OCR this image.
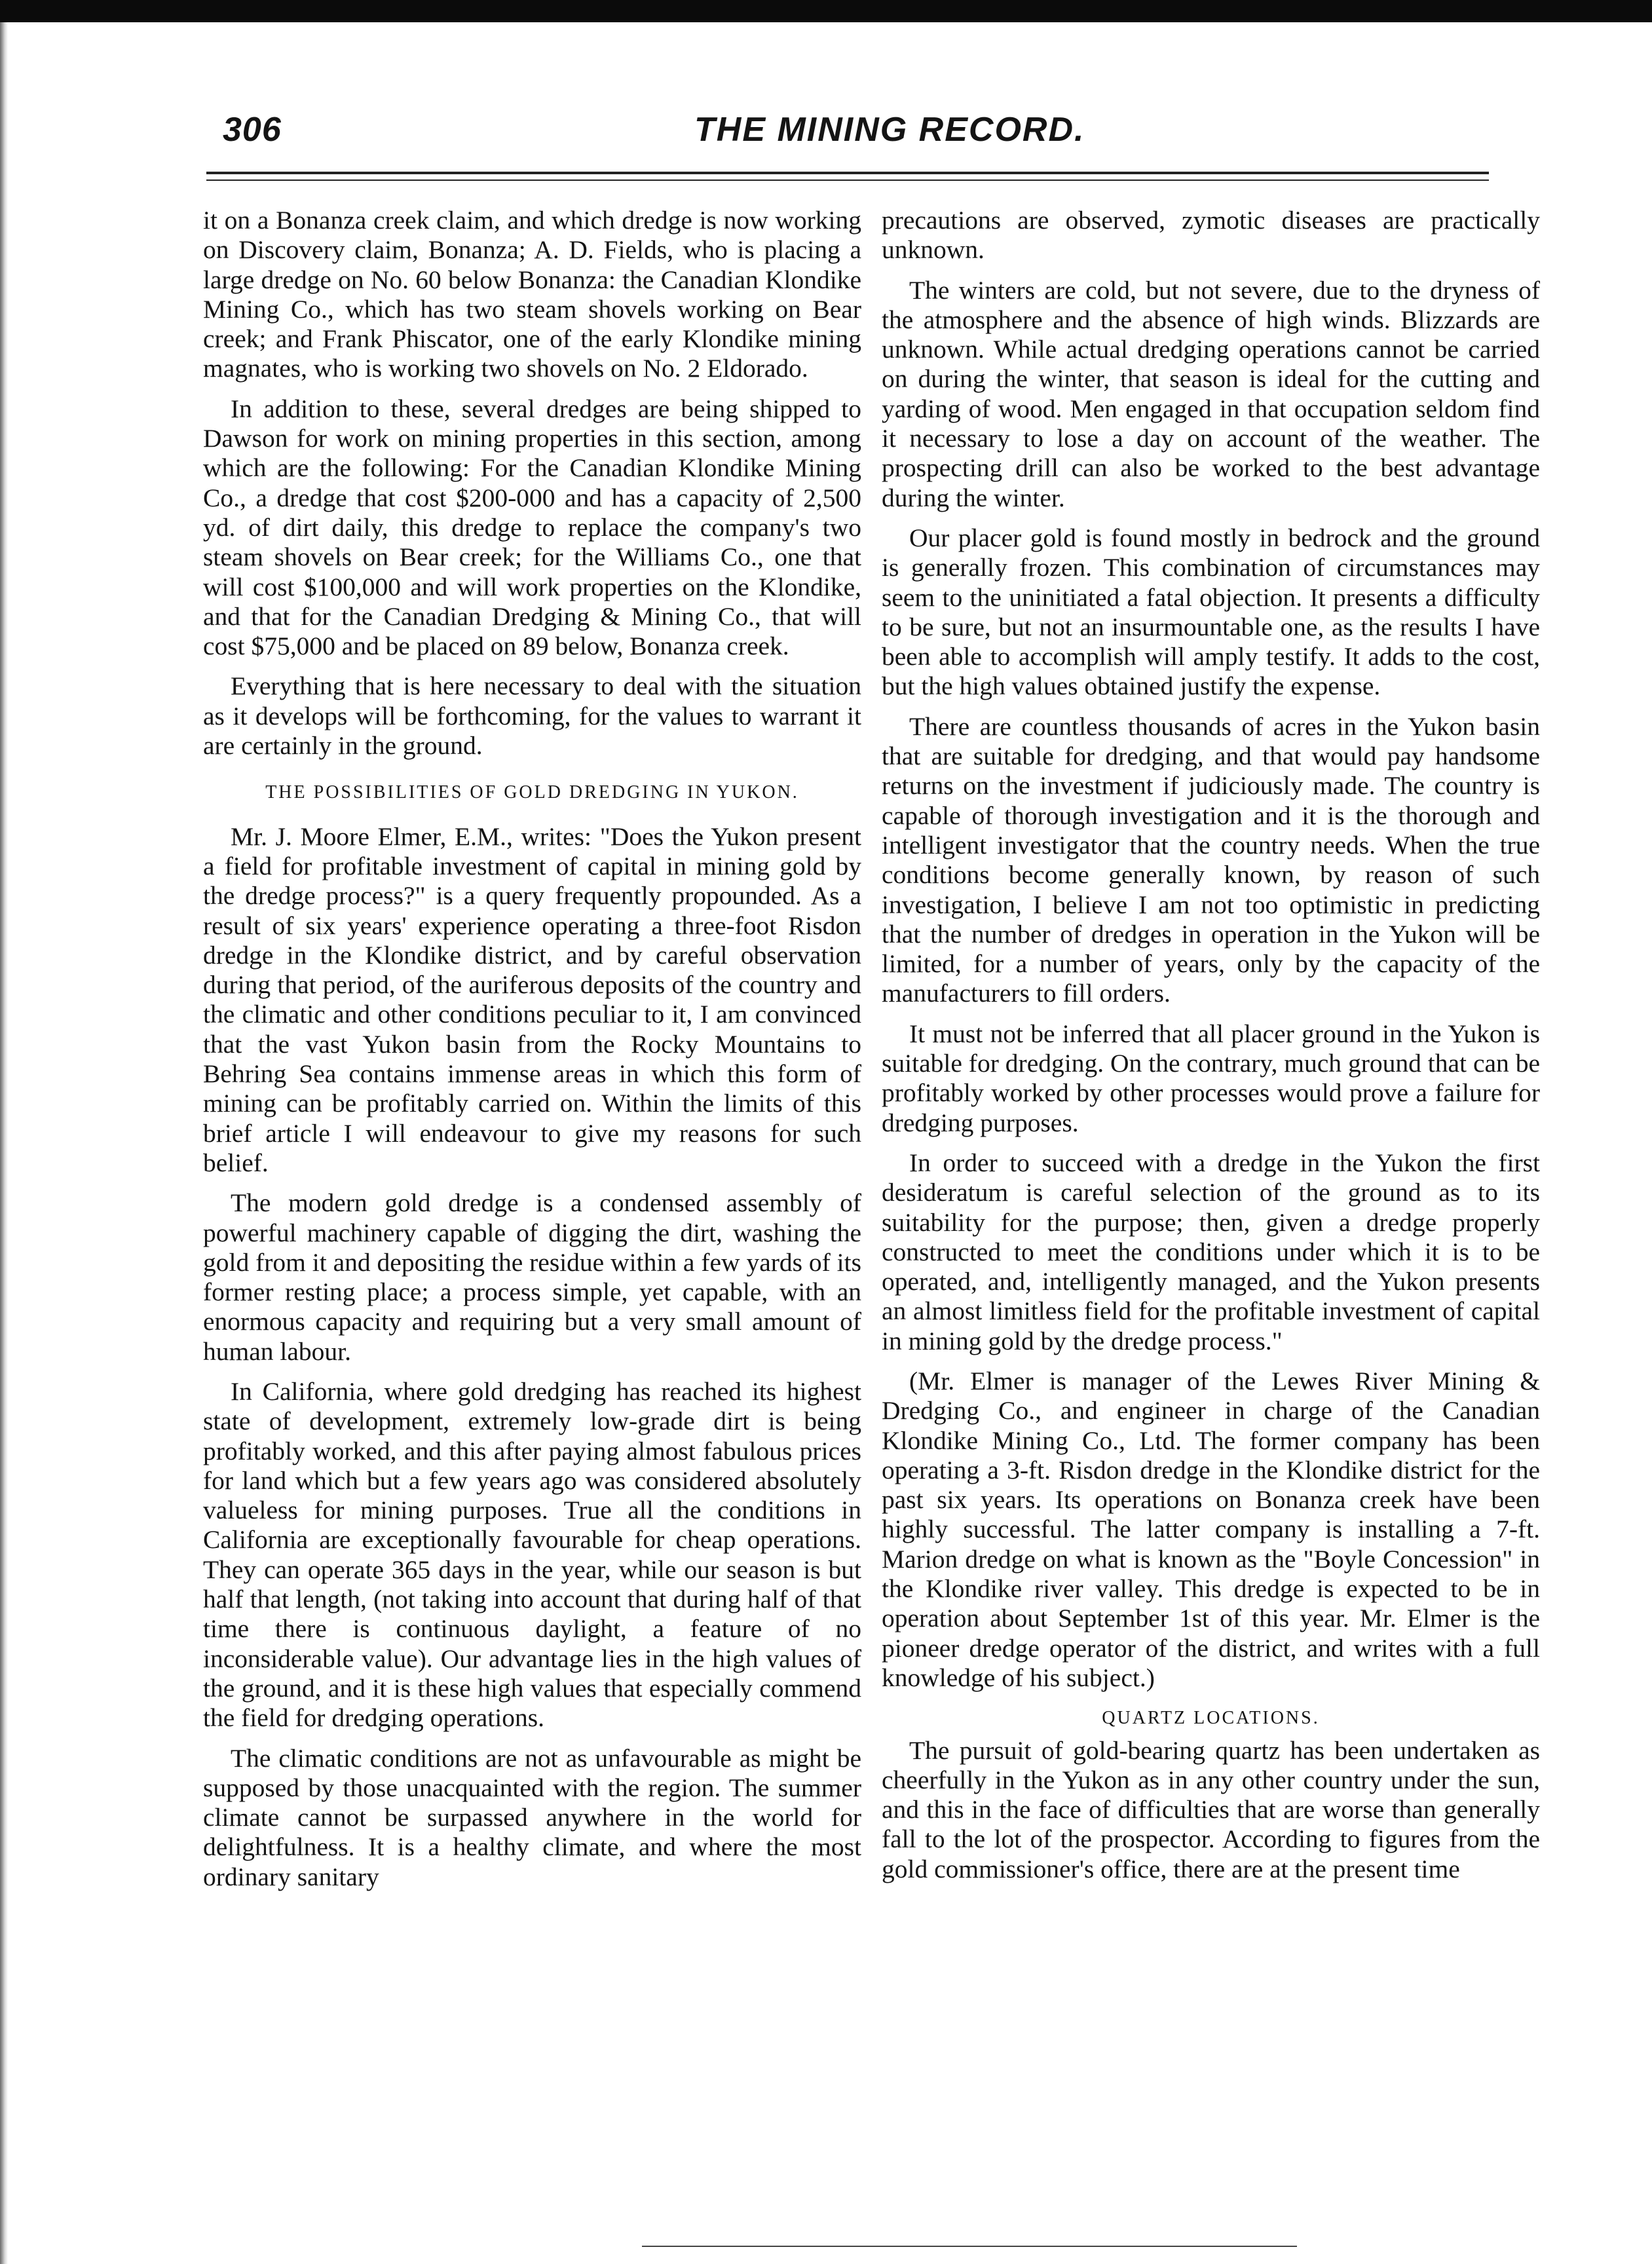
306	THE MINING RECORD.

it on a Bonanza creek claim, and which dredge is now working on Discovery claim, Bonanza; A. D. Fields, who is placing a large dredge on No. 60 below Bonanza: the Canadian Klondike Mining Co., which has two steam shovels working on Bear creek; and Frank Phiscator, one of the early Klondike mining magnates, who is working two shovels on No. 2 Eldorado.

In addition to these, several dredges are being shipped to Dawson for work on mining properties in this section, among which are the following: For the Canadian Klondike Mining Co., a dredge that cost $200-000 and has a capacity of 2,500 yd. of dirt daily, this dredge to replace the company's two steam shovels on Bear creek; for the Williams Co., one that will cost $100,000 and will work properties on the Klondike, and that for the Canadian Dredging & Mining Co., that will cost $75,000 and be placed on 89 below, Bonanza creek.

Everything that is here necessary to deal with the situation as it develops will be forthcoming, for the values to warrant it are certainly in the ground.

THE POSSIBILITIES OF GOLD DREDGING IN YUKON.

Mr. J. Moore Elmer, E.M., writes: "Does the Yukon present a field for profitable investment of capital in mining gold by the dredge process?" is a query frequently propounded. As a result of six years' experience operating a three-foot Risdon dredge in the Klondike district, and by careful observation during that period, of the auriferous deposits of the country and the climatic and other conditions peculiar to it, I am convinced that the vast Yukon basin from the Rocky Mountains to Behring Sea contains immense areas in which this form of mining can be profitably carried on. Within the limits of this brief article I will endeavour to give my reasons for such belief.

The modern gold dredge is a condensed assembly of powerful machinery capable of digging the dirt, washing the gold from it and depositing the residue within a few yards of its former resting place; a process simple, yet capable, with an enormous capacity and requiring but a very small amount of human labour.

In California, where gold dredging has reached its highest state of development, extremely low-grade dirt is being profitably worked, and this after paying almost fabulous prices for land which but a few years ago was considered absolutely valueless for mining purposes. True all the conditions in California are exceptionally favourable for cheap operations. They can operate 365 days in the year, while our season is but half that length, (not taking into account that during half of that time there is continuous daylight, a feature of no inconsiderable value). Our advantage lies in the high values of the ground, and it is these high values that especially commend the field for dredging operations.

The climatic conditions are not as unfavourable as might be supposed by those unacquainted with the region. The summer climate cannot be surpassed anywhere in the world for delightfulness. It is a healthy climate, and where the most ordinary sanitary

precautions are observed, zymotic diseases are practically unknown.

The winters are cold, but not severe, due to the dryness of the atmosphere and the absence of high winds. Blizzards are unknown. While actual dredging operations cannot be carried on during the winter, that season is ideal for the cutting and yarding of wood. Men engaged in that occupation seldom find it necessary to lose a day on account of the weather. The prospecting drill can also be worked to the best advantage during the winter.

Our placer gold is found mostly in bedrock and the ground is generally frozen. This combination of circumstances may seem to the uninitiated a fatal objection. It presents a difficulty to be sure, but not an insurmountable one, as the results I have been able to accomplish will amply testify. It adds to the cost, but the high values obtained justify the expense.

There are countless thousands of acres in the Yukon basin that are suitable for dredging, and that would pay handsome returns on the investment if judiciously made. The country is capable of thorough investigation and it is the thorough and intelligent investigator that the country needs. When the true conditions become generally known, by reason of such investigation, I believe I am not too optimistic in predicting that the number of dredges in operation in the Yukon will be limited, for a number of years, only by the capacity of the manufacturers to fill orders.

It must not be inferred that all placer ground in the Yukon is suitable for dredging. On the contrary, much ground that can be profitably worked by other processes would prove a failure for dredging purposes.

In order to succeed with a dredge in the Yukon the first desideratum is careful selection of the ground as to its suitability for the purpose; then, given a dredge properly constructed to meet the conditions under which it is to be operated, and, intelligently managed, and the Yukon presents an almost limitless field for the profitable investment of capital in mining gold by the dredge process."

(Mr. Elmer is manager of the Lewes River Mining & Dredging Co., and engineer in charge of the Canadian Klondike Mining Co., Ltd. The former company has been operating a 3-ft. Risdon dredge in the Klondike district for the past six years. Its operations on Bonanza creek have been highly successful. The latter company is installing a 7-ft. Marion dredge on what is known as the "Boyle Concession" in the Klondike river valley. This dredge is expected to be in operation about September 1st of this year. Mr. Elmer is the pioneer dredge operator of the district, and writes with a full knowledge of his subject.)

QUARTZ LOCATIONS.

The pursuit of gold-bearing quartz has been undertaken as cheerfully in the Yukon as in any other country under the sun, and this in the face of difficulties that are worse than generally fall to the lot of the prospector. According to figures from the gold commissioner's office, there are at the present time
